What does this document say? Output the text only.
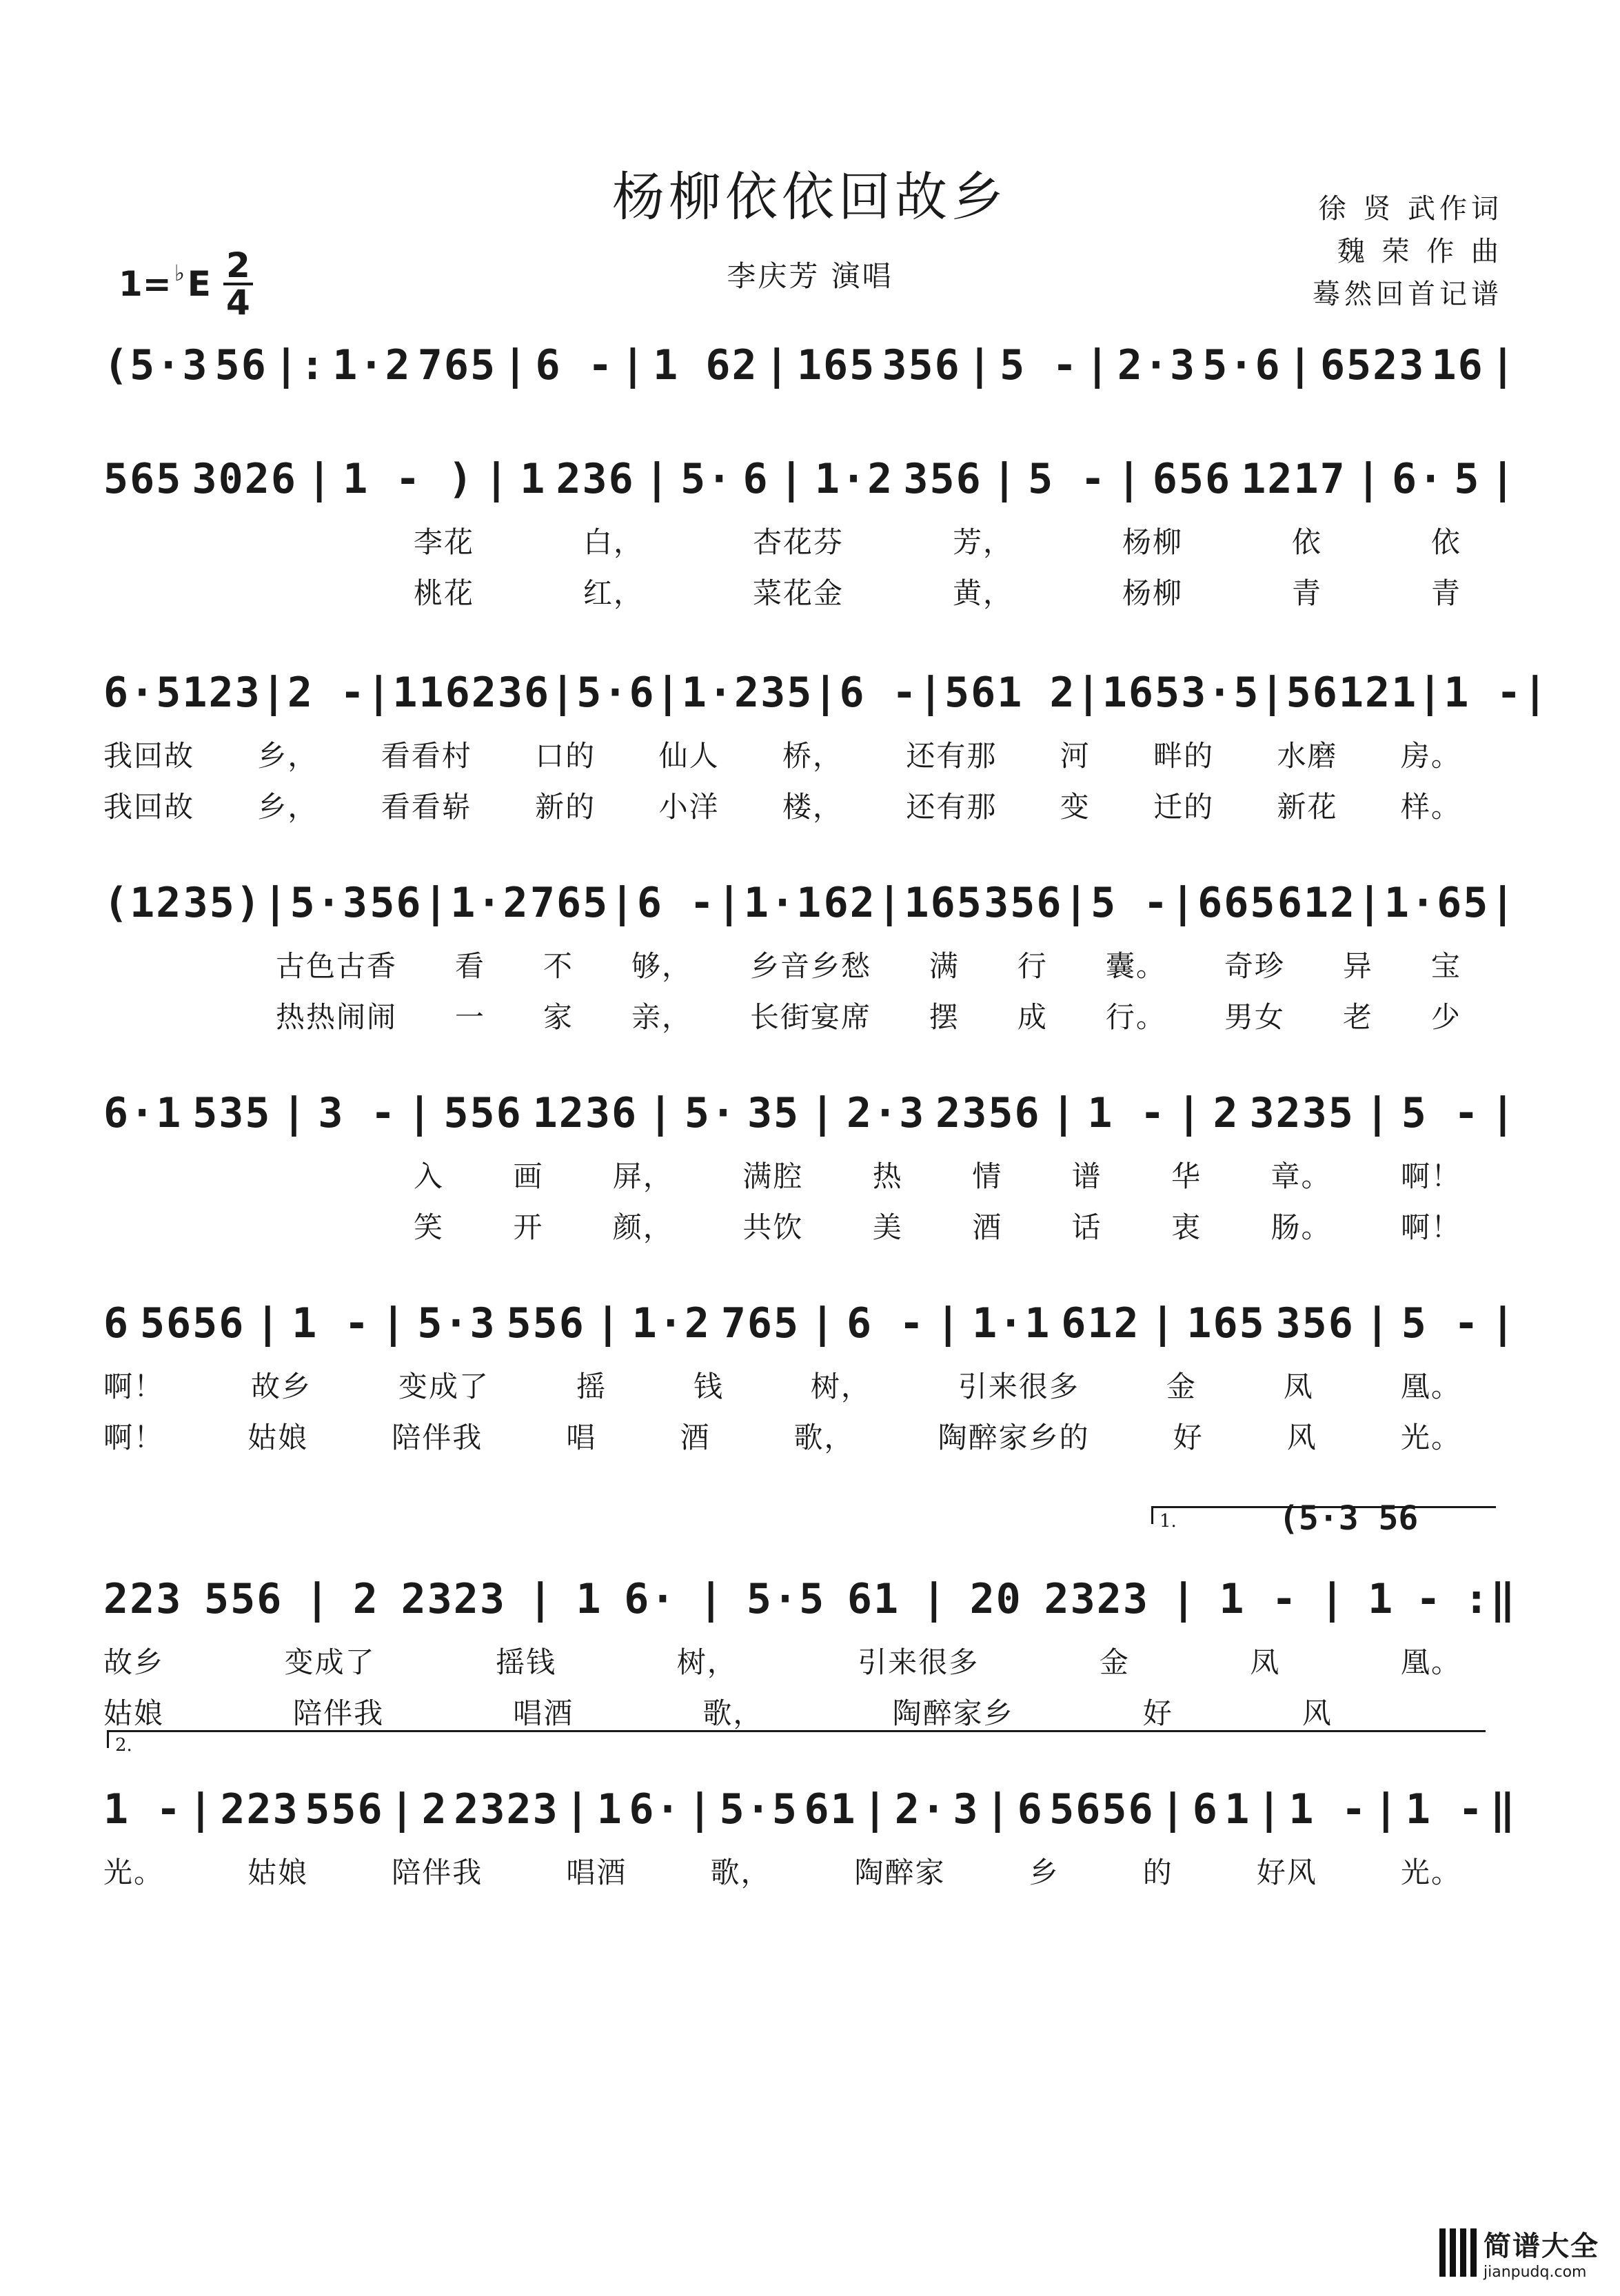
杨柳依依回故乡	徐 贤 武作词
魏 荣 作 曲
蓦然回首记谱
1= ♭ E $\frac{2}{4}$	李庆芳 演唱
(5·3 56 |: 1·2 765 | 6 - | 1 62 | 165 356 | 5 - | 2·3 5·6 | 6523 16 |
565 3026 | 1 - ) | 1 236 | 5· 6 | 1·2 356 | 5 - | 656 1217 | 6· 5 |
李花	白，	杏花芬	芳，	杨柳	依	依
桃花	红，	菜花金	黄，	杨柳	青	青
6·5 123 | 2 - | 116 236 | 5·6 | 1·2 35 | 6 - | 56 1 2 | 165 3·5 | 5 6121 | 1 - |
我回故 乡， 看看村 口的 仙人 桥， 还有那 河 畔的 水磨 房。
我回故 乡， 看看崭 新的 小洋 楼， 还有那 变 迁的 新花 样。
(12 35) | 5·3 56 | 1·2 765 | 6 - | 1·1 62 | 165 356 | 5 - | 665 612 | 1·65 |
古色古香 看 不 够， 乡音乡愁 满 行 囊。 奇珍 异 宝
热热闹闹 一 家 亲， 长街宴席 摆 成 行。 男女 老 少
6·1 535 | 3 - | 556 1236 | 5· 35 | 2·3 2356 | 1 - | 2 3235 | 5 - |
入 画 屏， 满腔 热 情 谱 华 章。 啊！
笑 开 颜， 共饮 美 酒 话 衷 肠。 啊！
6 5656 | 1 - | 5·3 556 | 1·2 765 | 6 - | 1·1 612 | 165 356 | 5 - |
啊！	故乡	变成了	摇	钱	树，	引来很多	金	凤	凰。
啊！	姑娘	陪伴我	唱	酒	歌，	陶醉家乡的	好	风	光。
223 556 | 2 2323 | 1 6· | 5·5 61 | 20 2323 | 1 - | 1 - :‖
故乡	变成了	摇钱	树，	引来很多	金	凤	凰。
姑娘	陪伴我	唱酒	歌，	陶醉家乡	好	风
1 - | 223 556 | 2 2323 | 1 6· | 5·5 61 | 2· 3 | 6 5656 | 6 1 | 1 - | 1 - ‖
光。	姑娘	陪伴我	唱酒	歌，	陶醉家	乡	的	好风	光。
1.	(5·3 56
2.
简谱大全
jianpudq.com
